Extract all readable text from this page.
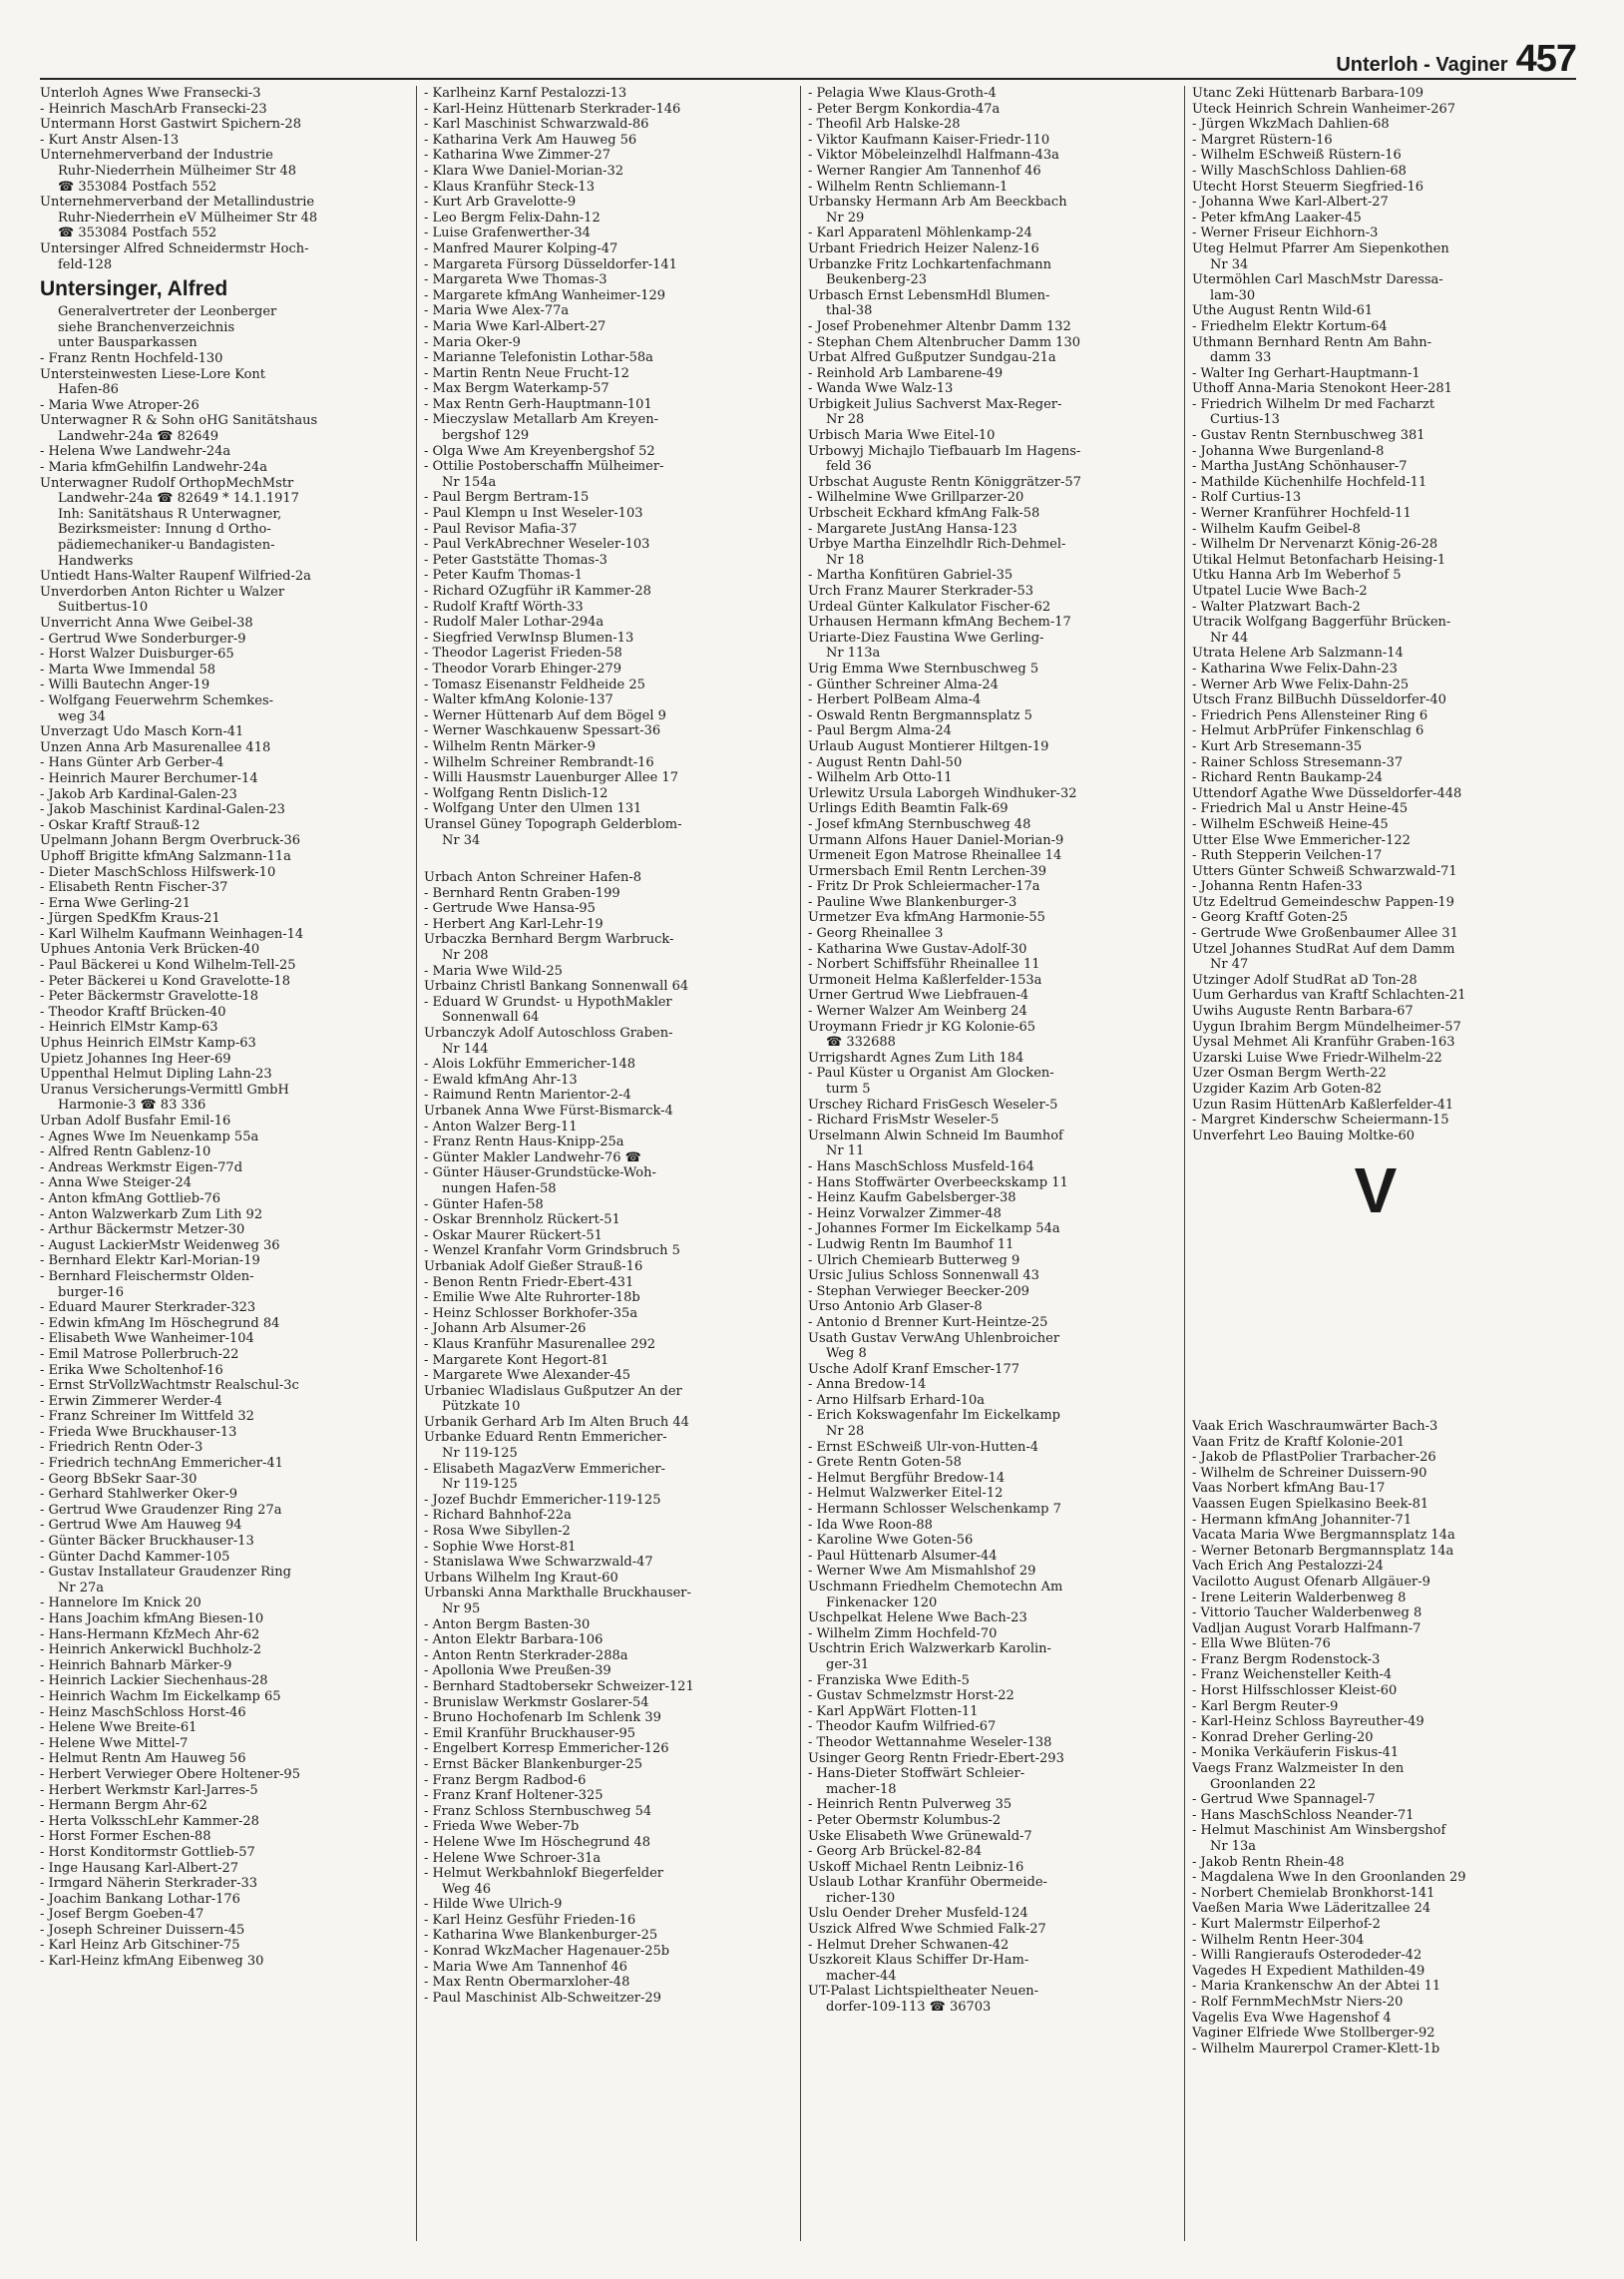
Unterloh - Vaginer 457
Unterloh Agnes Wwe Fransecki-3
- Heinrich MaschArb Fransecki-23
Untermann Horst Gastwirt Spichern-28
- Kurt Anstr Alsen-13
Unternehmerverband der Industrie
Ruhr-Niederrhein Mülheimer Str 48
☎ 353084 Postfach 552
Unternehmerverband der Metallindustrie
Ruhr-Niederrhein eV Mülheimer Str 48
☎ 353084 Postfach 552
Untersinger Alfred Schneidermstr Hoch-
feld-128
Untersinger, Alfred
Generalvertreter der Leonberger
siehe Branchenverzeichnis
unter Bausparkassen
- Franz Rentn Hochfeld-130
Untersteinwesten Liese-Lore Kont
Hafen-86
- Maria Wwe Atroper-26
Unterwagner R & Sohn oHG Sanitätshaus
Landwehr-24a ☎ 82649
- Helena Wwe Landwehr-24a
- Maria kfmGehilfin Landwehr-24a
Unterwagner Rudolf OrthopMechMstr
Landwehr-24a ☎ 82649 * 14.1.1917
Inh: Sanitätshaus R Unterwagner,
Bezirksmeister: Innung d Ortho-
pädiemechaniker-u Bandagisten-
Handwerks
Untiedt Hans-Walter Raupenf Wilfried-2a
Unverdorben Anton Richter u Walzer
Suitbertus-10
Unverricht Anna Wwe Geibel-38
- Gertrud Wwe Sonderburger-9
- Horst Walzer Duisburger-65
- Marta Wwe Immendal 58
- Willi Bautechn Anger-19
- Wolfgang Feuerwehrm Schemkes-
weg 34
Unverzagt Udo Masch Korn-41
Unzen Anna Arb Masurenallee 418
- Hans Günter Arb Gerber-4
- Heinrich Maurer Berchumer-14
- Jakob Arb Kardinal-Galen-23
- Jakob Maschinist Kardinal-Galen-23
- Oskar Kraftf Strauß-12
Upelmann Johann Bergm Overbruck-36
Uphoff Brigitte kfmAng Salzmann-11a
- Dieter MaschSchloss Hilfswerk-10
- Elisabeth Rentn Fischer-37
- Erna Wwe Gerling-21
- Jürgen SpedKfm Kraus-21
- Karl Wilhelm Kaufmann Weinhagen-14
Uphues Antonia Verk Brücken-40
- Paul Bäckerei u Kond Wilhelm-Tell-25
- Peter Bäckerei u Kond Gravelotte-18
- Peter Bäckermstr Gravelotte-18
- Theodor Kraftf Brücken-40
- Heinrich ElMstr Kamp-63
Uphus Heinrich ElMstr Kamp-63
Upietz Johannes Ing Heer-69
Uppenthal Helmut Dipling Lahn-23
Uranus Versicherungs-Vermittl GmbH
Harmonie-3 ☎ 83 336
Urban Adolf Busfahr Emil-16
- Agnes Wwe Im Neuenkamp 55a
- Alfred Rentn Gablenz-10
- Andreas Werkmstr Eigen-77d
- Anna Wwe Steiger-24
- Anton kfmAng Gottlieb-76
- Anton Walzwerkarb Zum Lith 92
- Arthur Bäckermstr Metzer-30
- August LackierMstr Weidenweg 36
- Bernhard Elektr Karl-Morian-19
- Bernhard Fleischermstr Olden-
burger-16
- Eduard Maurer Sterkrader-323
- Edwin kfmAng Im Höschegrund 84
- Elisabeth Wwe Wanheimer-104
- Emil Matrose Pollerbruch-22
- Erika Wwe Scholtenhof-16
- Ernst StrVollzWachtmstr Realschul-3c
- Erwin Zimmerer Werder-4
- Franz Schreiner Im Wittfeld 32
- Frieda Wwe Bruckhauser-13
- Friedrich Rentn Oder-3
- Friedrich technAng Emmericher-41
- Georg BbSekr Saar-30
- Gerhard Stahlwerker Oker-9
- Gertrud Wwe Graudenzer Ring 27a
- Gertrud Wwe Am Hauweg 94
- Günter Bäcker Bruckhauser-13
- Günter Dachd Kammer-105
- Gustav Installateur Graudenzer Ring
Nr 27a
- Hannelore Im Knick 20
- Hans Joachim kfmAng Biesen-10
- Hans-Hermann KfzMech Ahr-62
- Heinrich Ankerwickl Buchholz-2
- Heinrich Bahnarb Märker-9
- Heinrich Lackier Siechenhaus-28
- Heinrich Wachm Im Eickelkamp 65
- Heinz MaschSchloss Horst-46
- Helene Wwe Breite-61
- Helene Wwe Mittel-7
- Helmut Rentn Am Hauweg 56
- Herbert Verwieger Obere Holtener-95
- Herbert Werkmstr Karl-Jarres-5
- Hermann Bergm Ahr-62
- Herta VolksschLehr Kammer-28
- Horst Former Eschen-88
- Horst Konditormstr Gottlieb-57
- Inge Hausang Karl-Albert-27
- Irmgard Näherin Sterkrader-33
- Joachim Bankang Lothar-176
- Josef Bergm Goeben-47
- Joseph Schreiner Duissern-45
- Karl Heinz Arb Gitschiner-75
- Karl-Heinz kfmAng Eibenweg 30
- Karlheinz Karnf Pestalozzi-13
- Karl-Heinz Hüttenarb Sterkrader-146
- Karl Maschinist Schwarzwald-86
- Katharina Verk Am Hauweg 56
- Katharina Wwe Zimmer-27
- Klara Wwe Daniel-Morian-32
- Klaus Kranführ Steck-13
- Kurt Arb Gravelotte-9
- Leo Bergm Felix-Dahn-12
- Luise Grafenwerther-34
- Manfred Maurer Kolping-47
- Margareta Fürsorg Düsseldorfer-141
- Margareta Wwe Thomas-3
- Margarete kfmAng Wanheimer-129
- Maria Wwe Alex-77a
- Maria Wwe Karl-Albert-27
- Maria Oker-9
- Marianne Telefonistin Lothar-58a
- Martin Rentn Neue Frucht-12
- Max Bergm Waterkamp-57
- Max Rentn Gerh-Hauptmann-101
- Mieczyslaw Metallarb Am Kreyen-
bergshof 129
- Olga Wwe Am Kreyenbergshof 52
- Ottilie Postoberschaffn Mülheimer-
Nr 154a
- Paul Bergm Bertram-15
- Paul Klempn u Inst Weseler-103
- Paul Revisor Mafia-37
- Paul VerkAbrechner Weseler-103
- Peter Gaststätte Thomas-3
- Peter Kaufm Thomas-1
- Richard OZugführ iR Kammer-28
- Rudolf Kraftf Wörth-33
- Rudolf Maler Lothar-294a
- Siegfried VerwInsp Blumen-13
- Theodor Lagerist Frieden-58
- Theodor Vorarb Ehinger-279
- Tomasz Eisenanstr Feldheide 25
- Walter kfmAng Kolonie-137
- Werner Hüttenarb Auf dem Bögel 9
- Werner Waschkauenw Spessart-36
- Wilhelm Rentn Märker-9
- Wilhelm Schreiner Rembrandt-16
- Willi Hausmstr Lauenburger Allee 17
- Wolfgang Rentn Dislich-12
- Wolfgang Unter den Ulmen 131
Uransel Güney Topograph Gelderblom-
Nr 34
Urbach Anton Schreiner Hafen-8
- Bernhard Rentn Graben-199
- Gertrude Wwe Hansa-95
- Herbert Ang Karl-Lehr-19
Urbaczka Bernhard Bergm Warbruck-
Nr 208
- Maria Wwe Wild-25
Urbainz Christl Bankang Sonnenwall 64
- Eduard W Grundst- u HypothMakler
Sonnenwall 64
Urbanczyk Adolf Autoschloss Graben-
Nr 144
- Alois Lokführ Emmericher-148
- Ewald kfmAng Ahr-13
- Raimund Rentn Marientor-2-4
Urbanek Anna Wwe Fürst-Bismarck-4
- Anton Walzer Berg-11
- Franz Rentn Haus-Knipp-25a
- Günter Makler Landwehr-76 ☎
- Günter Häuser-Grundstücke-Woh-
nungen Hafen-58
- Günter Hafen-58
- Oskar Brennholz Rückert-51
- Oskar Maurer Rückert-51
- Wenzel Kranfahr Vorm Grindsbruch 5
Urbaniak Adolf Gießer Strauß-16
- Benon Rentn Friedr-Ebert-431
- Emilie Wwe Alte Ruhrorter-18b
- Heinz Schlosser Borkhofer-35a
- Johann Arb Alsumer-26
- Klaus Kranführ Masurenallee 292
- Margarete Kont Hegort-81
- Margarete Wwe Alexander-45
Urbaniec Wladislaus Gußputzer An der
Pützkate 10
Urbanik Gerhard Arb Im Alten Bruch 44
Urbanke Eduard Rentn Emmericher-
Nr 119-125
- Elisabeth MagazVerw Emmericher-
Nr 119-125
- Jozef Buchdr Emmericher-119-125
- Richard Bahnhof-22a
- Rosa Wwe Sibyllen-2
- Sophie Wwe Horst-81
- Stanislawa Wwe Schwarzwald-47
Urbans Wilhelm Ing Kraut-60
Urbanski Anna Markthalle Bruckhauser-
Nr 95
- Anton Bergm Basten-30
- Anton Elektr Barbara-106
- Anton Rentn Sterkrader-288a
- Apollonia Wwe Preußen-39
- Bernhard Stadtobersekr Schweizer-121
- Brunislaw Werkmstr Goslarer-54
- Bruno Hochofenarb Im Schlenk 39
- Emil Kranführ Bruckhauser-95
- Engelbert Korresp Emmericher-126
- Ernst Bäcker Blankenburger-25
- Franz Bergm Radbod-6
- Franz Kranf Holtener-325
- Franz Schloss Sternbuschweg 54
- Frieda Wwe Weber-7b
- Helene Wwe Im Höschegrund 48
- Helene Wwe Schroer-31a
- Helmut Werkbahnlokf Biegerfelder
Weg 46
- Hilde Wwe Ulrich-9
- Karl Heinz Gesführ Frieden-16
- Katharina Wwe Blankenburger-25
- Konrad WkzMacher Hagenauer-25b
- Maria Wwe Am Tannenhof 46
- Max Rentn Obermarxloher-48
- Paul Maschinist Alb-Schweitzer-29
- Pelagia Wwe Klaus-Groth-4
- Peter Bergm Konkordia-47a
- Theofil Arb Halske-28
- Viktor Kaufmann Kaiser-Friedr-110
- Viktor Möbeleinzelhdl Halfmann-43a
- Werner Rangier Am Tannenhof 46
- Wilhelm Rentn Schliemann-1
Urbansky Hermann Arb Am Beeckbach
Nr 29
- Karl Apparatenl Möhlenkamp-24
Urbant Friedrich Heizer Nalenz-16
Urbanzke Fritz Lochkartenfachmann
Beukenberg-23
Urbasch Ernst LebensmHdl Blumen-
thal-38
- Josef Probenehmer Altenbr Damm 132
- Stephan Chem Altenbrucher Damm 130
Urbat Alfred Gußputzer Sundgau-21a
- Reinhold Arb Lambarene-49
- Wanda Wwe Walz-13
Urbigkeit Julius Sachverst Max-Reger-
Nr 28
Urbisch Maria Wwe Eitel-10
Urbowyj Michajlo Tiefbauarb Im Hagens-
feld 36
Urbschat Auguste Rentn Königgrätzer-57
- Wilhelmine Wwe Grillparzer-20
Urbscheit Eckhard kfmAng Falk-58
- Margarete JustAng Hansa-123
Urbye Martha Einzelhdlr Rich-Dehmel-
Nr 18
- Martha Konfitüren Gabriel-35
Urch Franz Maurer Sterkrader-53
Urdeal Günter Kalkulator Fischer-62
Urhausen Hermann kfmAng Bechem-17
Uriarte-Diez Faustina Wwe Gerling-
Nr 113a
Urig Emma Wwe Sternbuschweg 5
- Günther Schreiner Alma-24
- Herbert PolBeam Alma-4
- Oswald Rentn Bergmannsplatz 5
- Paul Bergm Alma-24
Urlaub August Montierer Hiltgen-19
- August Rentn Dahl-50
- Wilhelm Arb Otto-11
Urlewitz Ursula Laborgeh Windhuker-32
Urlings Edith Beamtin Falk-69
- Josef kfmAng Sternbuschweg 48
Urmann Alfons Hauer Daniel-Morian-9
Urmeneit Egon Matrose Rheinallee 14
Urmersbach Emil Rentn Lerchen-39
- Fritz Dr Prok Schleiermacher-17a
- Pauline Wwe Blankenburger-3
Urmetzer Eva kfmAng Harmonie-55
- Georg Rheinallee 3
- Katharina Wwe Gustav-Adolf-30
- Norbert Schiffsführ Rheinallee 11
Urmoneit Helma Kaßlerfelder-153a
Urner Gertrud Wwe Liebfrauen-4
- Werner Walzer Am Weinberg 24
Uroymann Friedr jr KG Kolonie-65
☎ 332688
Urrigshardt Agnes Zum Lith 184
- Paul Küster u Organist Am Glocken-
turm 5
Urschey Richard FrisGesch Weseler-5
- Richard FrisMstr Weseler-5
Urselmann Alwin Schneid Im Baumhof
Nr 11
- Hans MaschSchloss Musfeld-164
- Hans Stoffwärter Overbeeckskamp 11
- Heinz Kaufm Gabelsberger-38
- Heinz Vorwalzer Zimmer-48
- Johannes Former Im Eickelkamp 54a
- Ludwig Rentn Im Baumhof 11
- Ulrich Chemiearb Butterweg 9
Ursic Julius Schloss Sonnenwall 43
- Stephan Verwieger Beecker-209
Urso Antonio Arb Glaser-8
- Antonio d Brenner Kurt-Heintze-25
Usath Gustav VerwAng Uhlenbroicher
Weg 8
Usche Adolf Kranf Emscher-177
- Anna Bredow-14
- Arno Hilfsarb Erhard-10a
- Erich Kokswagenfahr Im Eickelkamp
Nr 28
- Ernst ESchweiß Ulr-von-Hutten-4
- Grete Rentn Goten-58
- Helmut Bergführ Bredow-14
- Helmut Walzwerker Eitel-12
- Hermann Schlosser Welschenkamp 7
- Ida Wwe Roon-88
- Karoline Wwe Goten-56
- Paul Hüttenarb Alsumer-44
- Werner Wwe Am Mismahlshof 29
Uschmann Friedhelm Chemotechn Am
Finkenacker 120
Uschpelkat Helene Wwe Bach-23
- Wilhelm Zimm Hochfeld-70
Uschtrin Erich Walzwerkarb Karolin-
ger-31
- Franziska Wwe Edith-5
- Gustav Schmelzmstr Horst-22
- Karl AppWärt Flotten-11
- Theodor Kaufm Wilfried-67
- Theodor Wettannahme Weseler-138
Usinger Georg Rentn Friedr-Ebert-293
- Hans-Dieter Stoffwärt Schleier-
macher-18
- Heinrich Rentn Pulverweg 35
- Peter Obermstr Kolumbus-2
Uske Elisabeth Wwe Grünewald-7
- Georg Arb Brückel-82-84
Uskoff Michael Rentn Leibniz-16
Uslaub Lothar Kranführ Obermeide-
richer-130
Uslu Oender Dreher Musfeld-124
Uszick Alfred Wwe Schmied Falk-27
- Helmut Dreher Schwanen-42
Uszkoreit Klaus Schiffer Dr-Ham-
macher-44
UT-Palast Lichtspieltheater Neuen-
dorfer-109-113 ☎ 36703
Utanc Zeki Hüttenarb Barbara-109
Uteck Heinrich Schrein Wanheimer-267
- Jürgen WkzMach Dahlien-68
- Margret Rüstern-16
- Wilhelm ESchweiß Rüstern-16
- Willy MaschSchloss Dahlien-68
Utecht Horst Steuerm Siegfried-16
- Johanna Wwe Karl-Albert-27
- Peter kfmAng Laaker-45
- Werner Friseur Eichhorn-3
Uteg Helmut Pfarrer Am Siepenkothen
Nr 34
Utermöhlen Carl MaschMstr Daressa-
lam-30
Uthe August Rentn Wild-61
- Friedhelm Elektr Kortum-64
Uthmann Bernhard Rentn Am Bahn-
damm 33
- Walter Ing Gerhart-Hauptmann-1
Uthoff Anna-Maria Stenokont Heer-281
- Friedrich Wilhelm Dr med Facharzt
Curtius-13
- Gustav Rentn Sternbuschweg 381
- Johanna Wwe Burgenland-8
- Martha JustAng Schönhauser-7
- Mathilde Küchenhilfe Hochfeld-11
- Rolf Curtius-13
- Werner Kranführer Hochfeld-11
- Wilhelm Kaufm Geibel-8
- Wilhelm Dr Nervenarzt König-26-28
Utikal Helmut Betonfacharb Heising-1
Utku Hanna Arb Im Weberhof 5
Utpatel Lucie Wwe Bach-2
- Walter Platzwart Bach-2
Utracik Wolfgang Baggerführ Brücken-
Nr 44
Utrata Helene Arb Salzmann-14
- Katharina Wwe Felix-Dahn-23
- Werner Arb Wwe Felix-Dahn-25
Utsch Franz BilBuchh Düsseldorfer-40
- Friedrich Pens Allensteiner Ring 6
- Helmut ArbPrüfer Finkenschlag 6
- Kurt Arb Stresemann-35
- Rainer Schloss Stresemann-37
- Richard Rentn Baukamp-24
Uttendorf Agathe Wwe Düsseldorfer-448
- Friedrich Mal u Anstr Heine-45
- Wilhelm ESchweiß Heine-45
Utter Else Wwe Emmericher-122
- Ruth Stepperin Veilchen-17
Utters Günter Schweiß Schwarzwald-71
- Johanna Rentn Hafen-33
Utz Edeltrud Gemeindeschw Pappen-19
- Georg Kraftf Goten-25
- Gertrude Wwe Großenbaumer Allee 31
Utzel Johannes StudRat Auf dem Damm
Nr 47
Utzinger Adolf StudRat aD Ton-28
Uum Gerhardus van Kraftf Schlachten-21
Uwihs Auguste Rentn Barbara-67
Uygun Ibrahim Bergm Mündelheimer-57
Uysal Mehmet Ali Kranführ Graben-163
Uzarski Luise Wwe Friedr-Wilhelm-22
Uzer Osman Bergm Werth-22
Uzgider Kazim Arb Goten-82
Uzun Rasim HüttenArb Kaßlerfelder-41
- Margret Kinderschw Scheiermann-15
Unverfehrt Leo Bauing Moltke-60
V
Vaak Erich Waschraumwärter Bach-3
Vaan Fritz de Kraftf Kolonie-201
- Jakob de PflastPolier Trarbacher-26
- Wilhelm de Schreiner Duissern-90
Vaas Norbert kfmAng Bau-17
Vaassen Eugen Spielkasino Beek-81
- Hermann kfmAng Johanniter-71
Vacata Maria Wwe Bergmannsplatz 14a
- Werner Betonarb Bergmannsplatz 14a
Vach Erich Ang Pestalozzi-24
Vacilotto August Ofenarb Allgäuer-9
- Irene Leiterin Walderbenweg 8
- Vittorio Taucher Walderbenweg 8
Vadljan August Vorarb Halfmann-7
- Ella Wwe Blüten-76
- Franz Bergm Rodenstock-3
- Franz Weichensteller Keith-4
- Horst Hilfsschlosser Kleist-60
- Karl Bergm Reuter-9
- Karl-Heinz Schloss Bayreuther-49
- Konrad Dreher Gerling-20
- Monika Verkäuferin Fiskus-41
Vaegs Franz Walzmeister In den
Groonlanden 22
- Gertrud Wwe Spannagel-7
- Hans MaschSchloss Neander-71
- Helmut Maschinist Am Winsbergshof
Nr 13a
- Jakob Rentn Rhein-48
- Magdalena Wwe In den Groonlanden 29
- Norbert Chemielab Bronkhorst-141
Vaeßen Maria Wwe Läderitzallee 24
- Kurt Malermstr Eilperhof-2
- Wilhelm Rentn Heer-304
- Willi Rangieraufs Osterodeder-42
Vagedes H Expedient Mathilden-49
- Maria Krankenschw An der Abtei 11
- Rolf FernmMechMstr Niers-20
Vagelis Eva Wwe Hagenshof 4
Vaginer Elfriede Wwe Stollberger-92
- Wilhelm Maurerpol Cramer-Klett-1b
